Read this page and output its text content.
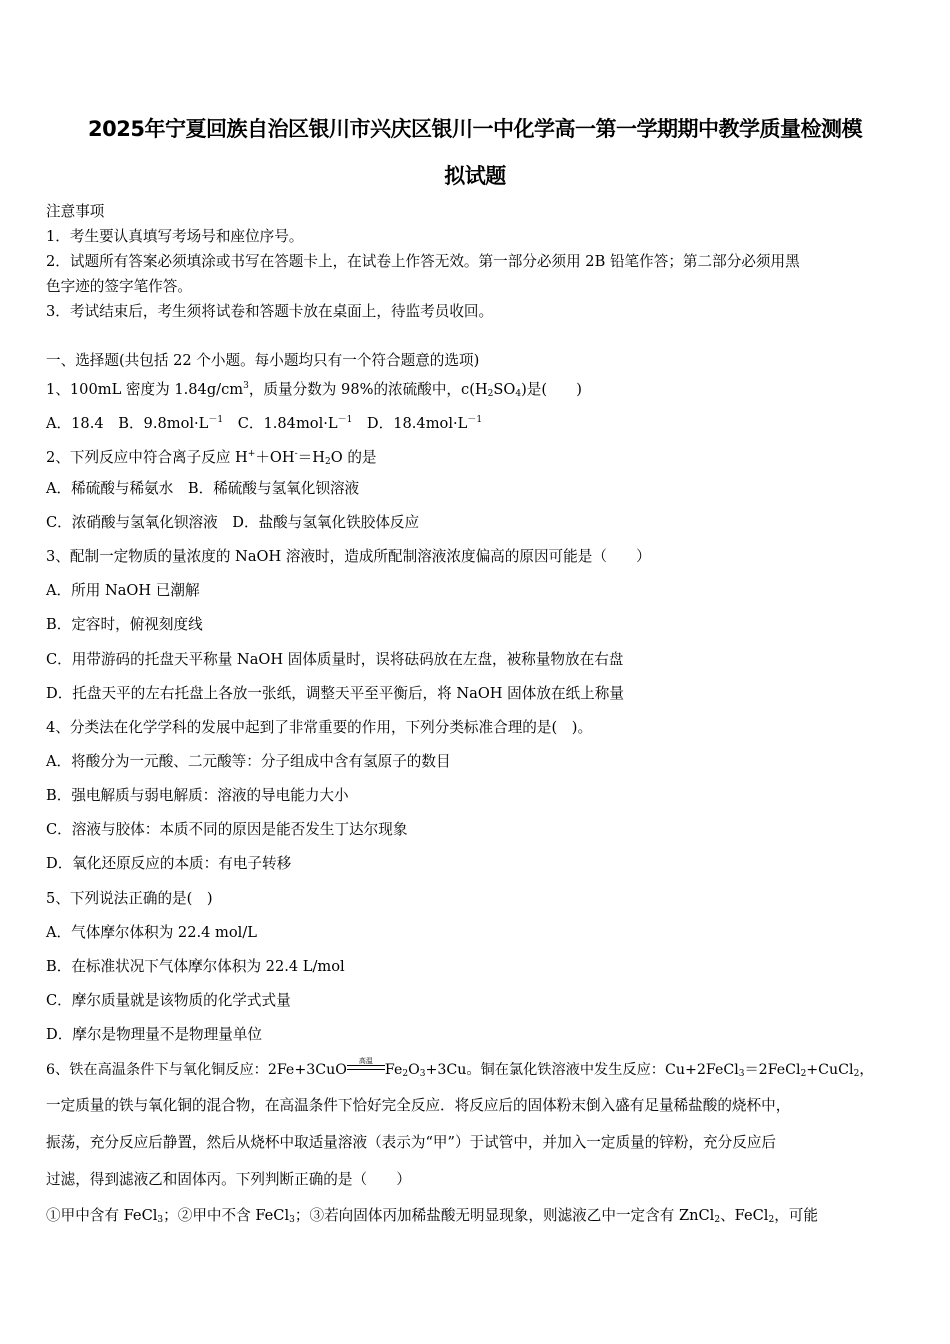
2025年宁夏回族自治区银川市兴庆区银川一中化学高一第一学期期中教学质量检测模
拟试题
注意事项
1．考生要认真填写考场号和座位序号。
2．试题所有答案必须填涂或书写在答题卡上，在试卷上作答无效。第一部分必须用 2B 铅笔作答；第二部分必须用黑
色字迹的签字笔作答。
3．考试结束后，考生须将试卷和答题卡放在桌面上，待监考员收回。
一、选择题(共包括 22 个小题。每小题均只有一个符合题意的选项)
1、100mL 密度为 $1.84g/cm^3$，质量分数为 98%的浓硫酸中，$c(H_2SO_4)$是(　　)
A．18.4　B．$9.8mol\cdot L^{-1}$　C．$1.84mol\cdot L^{-1}$　D．$18.4mol\cdot L^{-1}$
2、下列反应中符合离子反应 $H^++OH^-=H_2O$ 的是
A．稀硫酸与稀氨水　B．稀硫酸与氢氧化钡溶液
C．浓硝酸与氢氧化钡溶液　D．盐酸与氢氧化铁胶体反应
3、配制一定物质的量浓度的 NaOH 溶液时，造成所配制溶液浓度偏高的原因可能是（　　）
A．所用 NaOH 已潮解
B．定容时，俯视刻度线
C．用带游码的托盘天平称量 NaOH 固体质量时，误将砝码放在左盘，被称量物放在右盘
D．托盘天平的左右托盘上各放一张纸，调整天平至平衡后，将 NaOH 固体放在纸上称量
4、分类法在化学学科的发展中起到了非常重要的作用，下列分类标准合理的是(　)。
A．将酸分为一元酸、二元酸等：分子组成中含有氢原子的数目
B．强电解质与弱电解质：溶液的导电能力大小
C．溶液与胶体：本质不同的原因是能否发生丁达尔现象
D．氧化还原反应的本质：有电子转移
5、下列说法正确的是(　)
A．气体摩尔体积为 22.4 mol/L
B．在标准状况下气体摩尔体积为 22.4 L/mol
C．摩尔质量就是该物质的化学式式量
D．摩尔是物理量不是物理量单位
6、铁在高温条件下与氧化铜反应：2Fe+3CuO
高温
$Fe_2O_3+3Cu$。铜在氯化铁溶液中发生反应：Cu+2FeCl$_3$＝2FeCl$_2$+CuCl$_2$，
一定质量的铁与氧化铜的混合物，在高温条件下恰好完全反应．将反应后的固体粉末倒入盛有足量稀盐酸的烧杯中，
振荡，充分反应后静置，然后从烧杯中取适量溶液（表示为“甲”）于试管中，并加入一定质量的锌粉，充分反应后
过滤，得到滤液乙和固体丙。下列判断正确的是（　　）
①甲中含有 FeCl$_3$；②甲中不含 FeCl$_3$；③若向固体丙加稀盐酸无明显现象，则滤液乙中一定含有 ZnCl$_2$、FeCl$_2$，可能
